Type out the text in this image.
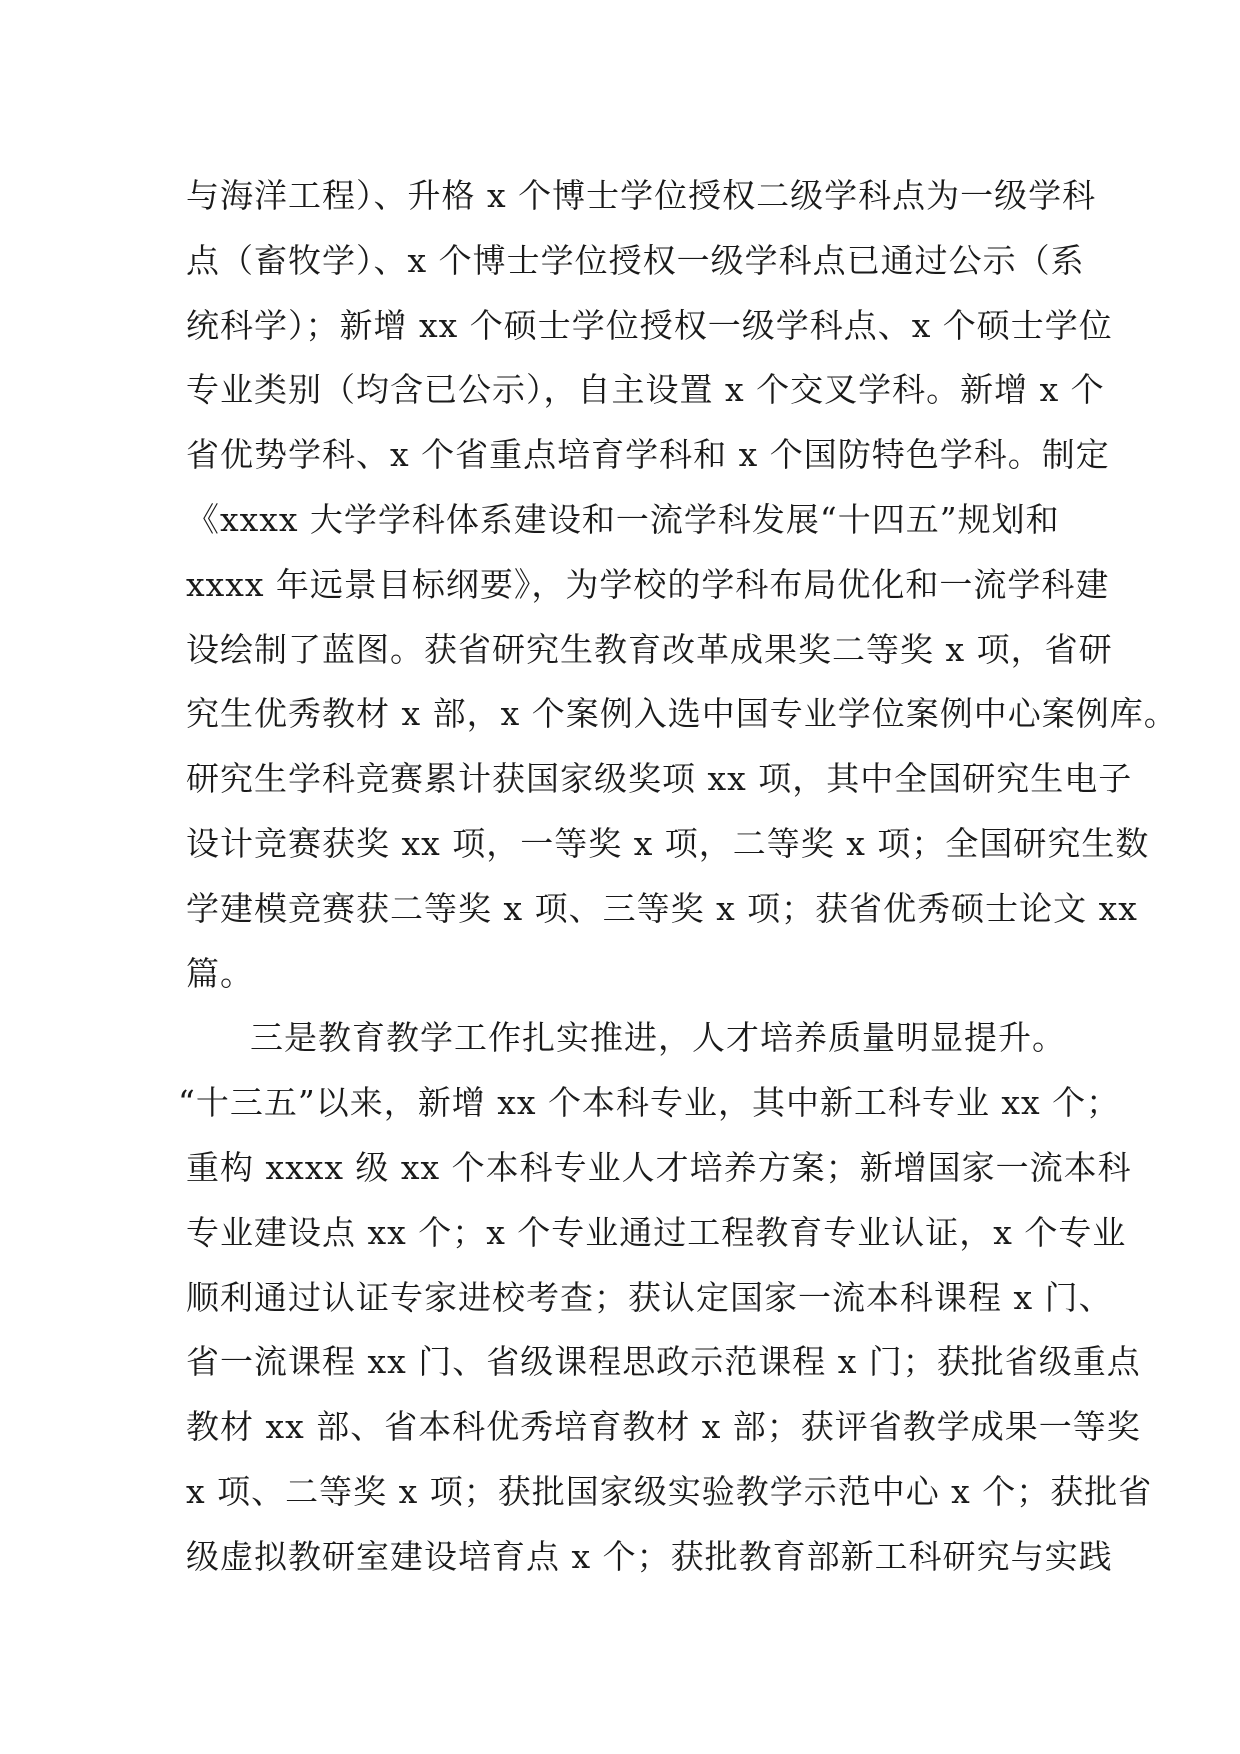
与海洋工程）、升格 x 个博士学位授权二级学科点为一级学科
点（畜牧学）、x 个博士学位授权一级学科点已通过公示（系
统科学）；新增 xx 个硕士学位授权一级学科点、x 个硕士学位
专业类别（均含已公示），自主设置 x 个交叉学科。新增 x 个
省优势学科、x 个省重点培育学科和 x 个国防特色学科。制定
《xxxx 大学学科体系建设和一流学科发展“十四五”规划和
xxxx 年远景目标纲要》，为学校的学科布局优化和一流学科建
设绘制了蓝图。获省研究生教育改革成果奖二等奖 x 项，省研
究生优秀教材 x 部，x 个案例入选中国专业学位案例中心案例库。
研究生学科竞赛累计获国家级奖项 xx 项，其中全国研究生电子
设计竞赛获奖 xx 项，一等奖 x 项，二等奖 x 项；全国研究生数
学建模竞赛获二等奖 x 项、三等奖 x 项；获省优秀硕士论文 xx
篇。
三是教育教学工作扎实推进，人才培养质量明显提升。
“十三五”以来，新增 xx 个本科专业，其中新工科专业 xx 个；
重构 xxxx 级 xx 个本科专业人才培养方案；新增国家一流本科
专业建设点 xx 个；x 个专业通过工程教育专业认证，x 个专业
顺利通过认证专家进校考查；获认定国家一流本科课程 x 门、
省一流课程 xx 门、省级课程思政示范课程 x 门；获批省级重点
教材 xx 部、省本科优秀培育教材 x 部；获评省教学成果一等奖
x 项、二等奖 x 项；获批国家级实验教学示范中心 x 个；获批省
级虚拟教研室建设培育点 x 个；获批教育部新工科研究与实践
